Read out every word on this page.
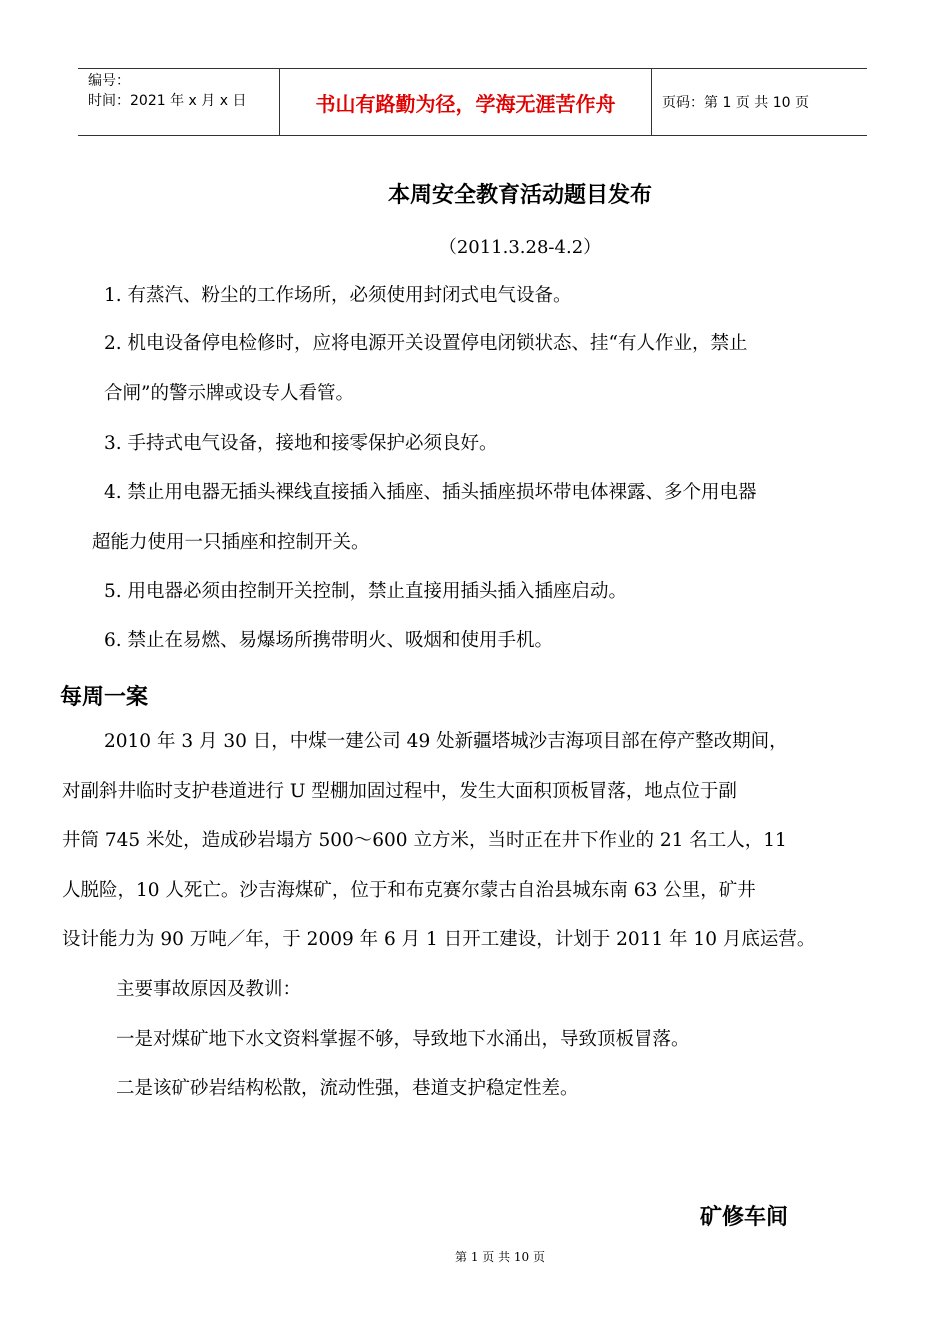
编号：
时间：2021 年 x 月 x 日	书山有路勤为径，学海无涯苦作舟	页码：第 1 页 共 10 页
本周安全教育活动题目发布
（2011.3.28-4.2）
1. 有蒸汽、粉尘的工作场所，必须使用封闭式电气设备。
2. 机电设备停电检修时，应将电源开关设置停电闭锁状态、挂“有人作业，禁止
合闸”的警示牌或设专人看管。
3. 手持式电气设备，接地和接零保护必须良好。
4. 禁止用电器无插头裸线直接插入插座、插头插座损坏带电体裸露、多个用电器
超能力使用一只插座和控制开关。
5. 用电器必须由控制开关控制，禁止直接用插头插入插座启动。
6. 禁止在易燃、易爆场所携带明火、吸烟和使用手机。
每周一案
2010 年 3 月 30 日，中煤一建公司 49 处新疆塔城沙吉海项目部在停产整改期间，
对副斜井临时支护巷道进行 U 型棚加固过程中，发生大面积顶板冒落，地点位于副
井筒 745 米处，造成砂岩塌方 500～600 立方米，当时正在井下作业的 21 名工人，11
人脱险，10 人死亡。沙吉海煤矿，位于和布克赛尔蒙古自治县城东南 63 公里，矿井
设计能力为 90 万吨／年，于 2009 年 6 月 1 日开工建设，计划于 2011 年 10 月底运营。
主要事故原因及教训：
一是对煤矿地下水文资料掌握不够，导致地下水涌出，导致顶板冒落。
二是该矿砂岩结构松散，流动性强，巷道支护稳定性差。
矿修车间
第 1 页 共 10 页
